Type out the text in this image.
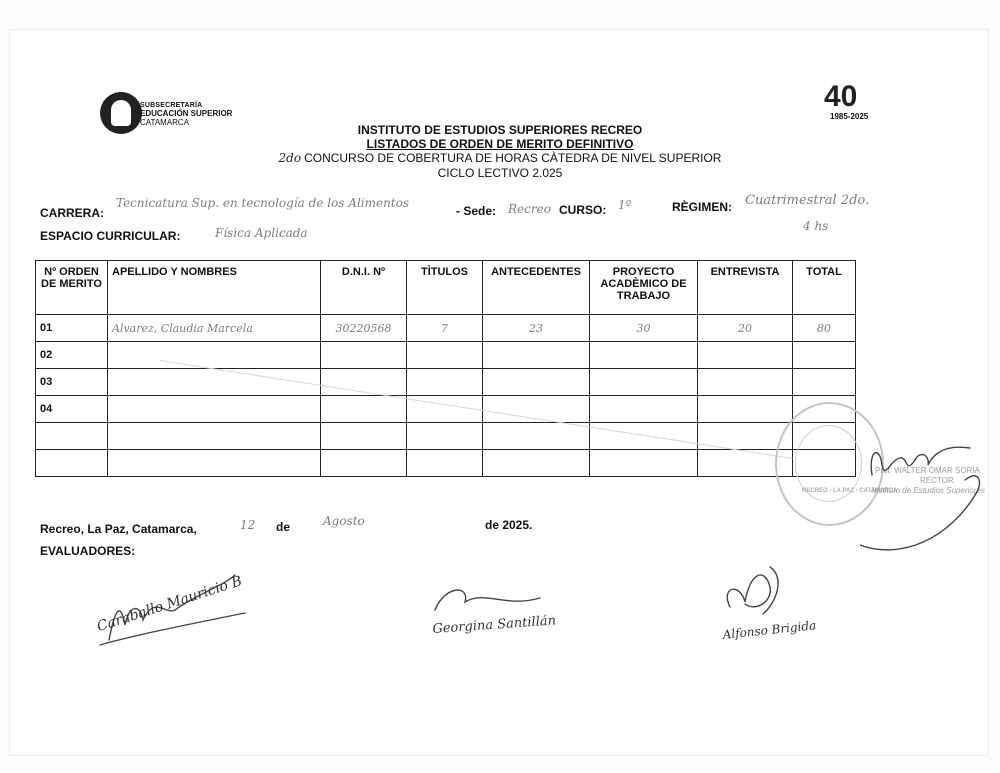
SUBSECRETARÍA
EDUCACIÓN SUPERIOR
CATAMARCA
40
1985-2025
INSTITUTO DE ESTUDIOS SUPERIORES RECREO
LISTADOS DE ORDEN DE MERITO DEFINITIVO
2do CONCURSO DE COBERTURA DE HORAS CÀTEDRA DE NIVEL SUPERIOR
CICLO LECTIVO 2.025
CARRERA:
Tecnicatura Sup. en tecnología de los Alimentos
- Sede: Recreo CURSO: 1º	RÈGIMEN: Cuatrimestral 2do.
4 hs
ESPACIO CURRICULAR:	Física Aplicada
Nº ORDEN DE MERITO	APELLIDO Y NOMBRES	D.N.I. Nº	TÌTULOS	ANTECEDENTES	PROYECTO ACADÈMICO DE TRABAJO	ENTREVISTA	TOTAL
01	Alvarez, Claudia Marcela	30220568	7	23	30	20	80
02							
03							
04							

RECREO - LA PAZ - CATAMARCA
Prof. WALTER OMAR SORIA
RECTOR
Instituto de Estudios Superiores
Recreo, La Paz, Catamarca,	12 de	Agosto	de 2025.
EVALUADORES:
Caraballo Mauricio B	Georgina Santillán	Alfonso Brigida
